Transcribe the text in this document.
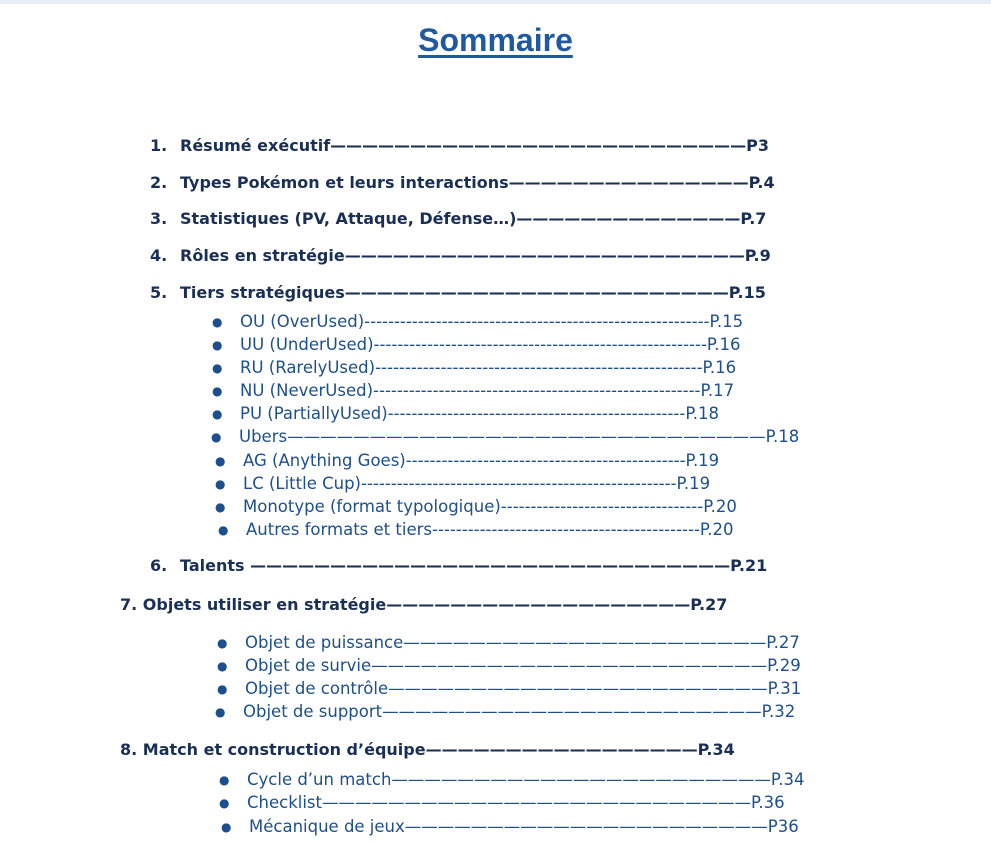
Sommaire
1. Résumé exécutif——————————————————————————P3
2. Types Pokémon et leurs interactions———————————————P.4
3. Statistiques (PV, Attaque, Défense…)——————————————P.7
4. Rôles en stratégie—————————————————————————P.9
5. Tiers stratégiques————————————————————————P.15
● OU (OverUsed)----------------------------------------------------------P.15
● UU (UnderUsed)--------------------------------------------------------P.16
● RU (RarelyUsed)-------------------------------------------------------P.16
● NU (NeverUsed)-------------------------------------------------------P.17
● PU (PartiallyUsed)--------------------------------------------------P.18
● Ubers—————————————————————————————P.18
● AG (Anything Goes)-----------------------------------------------P.19
● LC (Little Cup)-----------------------------------------------------P.19
● Monotype (format typologique)----------------------------------P.20
● Autres formats et tiers---------------------------------------------P.20
6. Talents ——————————————————————————————P.21
7. Objets utiliser en stratégie———————————————————P.27
● Objet de puissance——————————————————————P.27
● Objet de survie————————————————————————P.29
● Objet de contrôle———————————————————————P.31
● Objet de support———————————————————————P.32
8. Match et construction d’équipe—————————————————P.34
● Cycle d’un match———————————————————————P.34
● Checklist——————————————————————————P.36
● Mécanique de jeux——————————————————————P36
